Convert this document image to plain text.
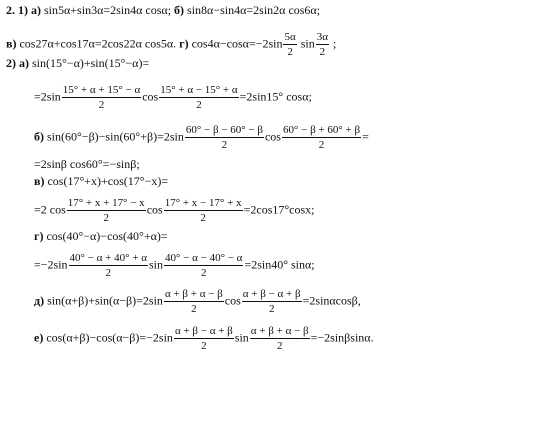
2. 1) а) sin5α+sin3α=2sin4α cosα; б) sin8α−sin4α=2sin2α cos6α;
в) cos27α+cos17α=2cos22α cos5α. г) $\cos 4\alpha-\cos\alpha=-2\sin \frac{5\alpha}{2}$ $\sin \frac{3\alpha}{2}$ ;
2) а) sin(15°−α)+sin(15°−α)=
$=2\sin \frac{15^\circ + \alpha + 15^\circ - \alpha}{2}$ $\cos \frac{15^\circ + \alpha - 15^\circ + \alpha}{2} =2\sin 15^\circ$ cosα;
б) $\sin(60^\circ-\beta)-\sin(60^\circ+\beta)=2\sin \frac{60^\circ - \beta - 60^\circ - \beta}{2}$ $\cos \frac{60^\circ - \beta + 60^\circ + \beta}{2}$ =
=2sinβ cos60°=−sinβ;
в) cos(17°+x)+cos(17°−x)=
=2 $\cos \frac{17^\circ + x + 17^\circ - x}{2}$ $\cos \frac{17^\circ + x - 17^\circ + x}{2} =2\cos 17^\circ\cos x$;
г) cos(40°−α)−cos(40°+α)=
$=-2\sin \frac{40^\circ - \alpha + 40^\circ + \alpha}{2}$ $\sin \frac{40^\circ - \alpha - 40^\circ - \alpha}{2} =2\sin 40^\circ$ sinα;
д) $\sin(\alpha+\beta)+\sin(\alpha-\beta)=2\sin \frac{\alpha + \beta + \alpha - \beta}{2}$ $\cos \frac{\alpha + \beta - \alpha + \beta}{2} =2\sin\alpha\cos\beta$,
е) $\cos(\alpha+\beta)-\cos(\alpha-\beta)=-2\sin \frac{\alpha + \beta - \alpha + \beta}{2}$ $\sin \frac{\alpha + \beta + \alpha - \beta}{2} =-2\sin\beta\sin\alpha$.
